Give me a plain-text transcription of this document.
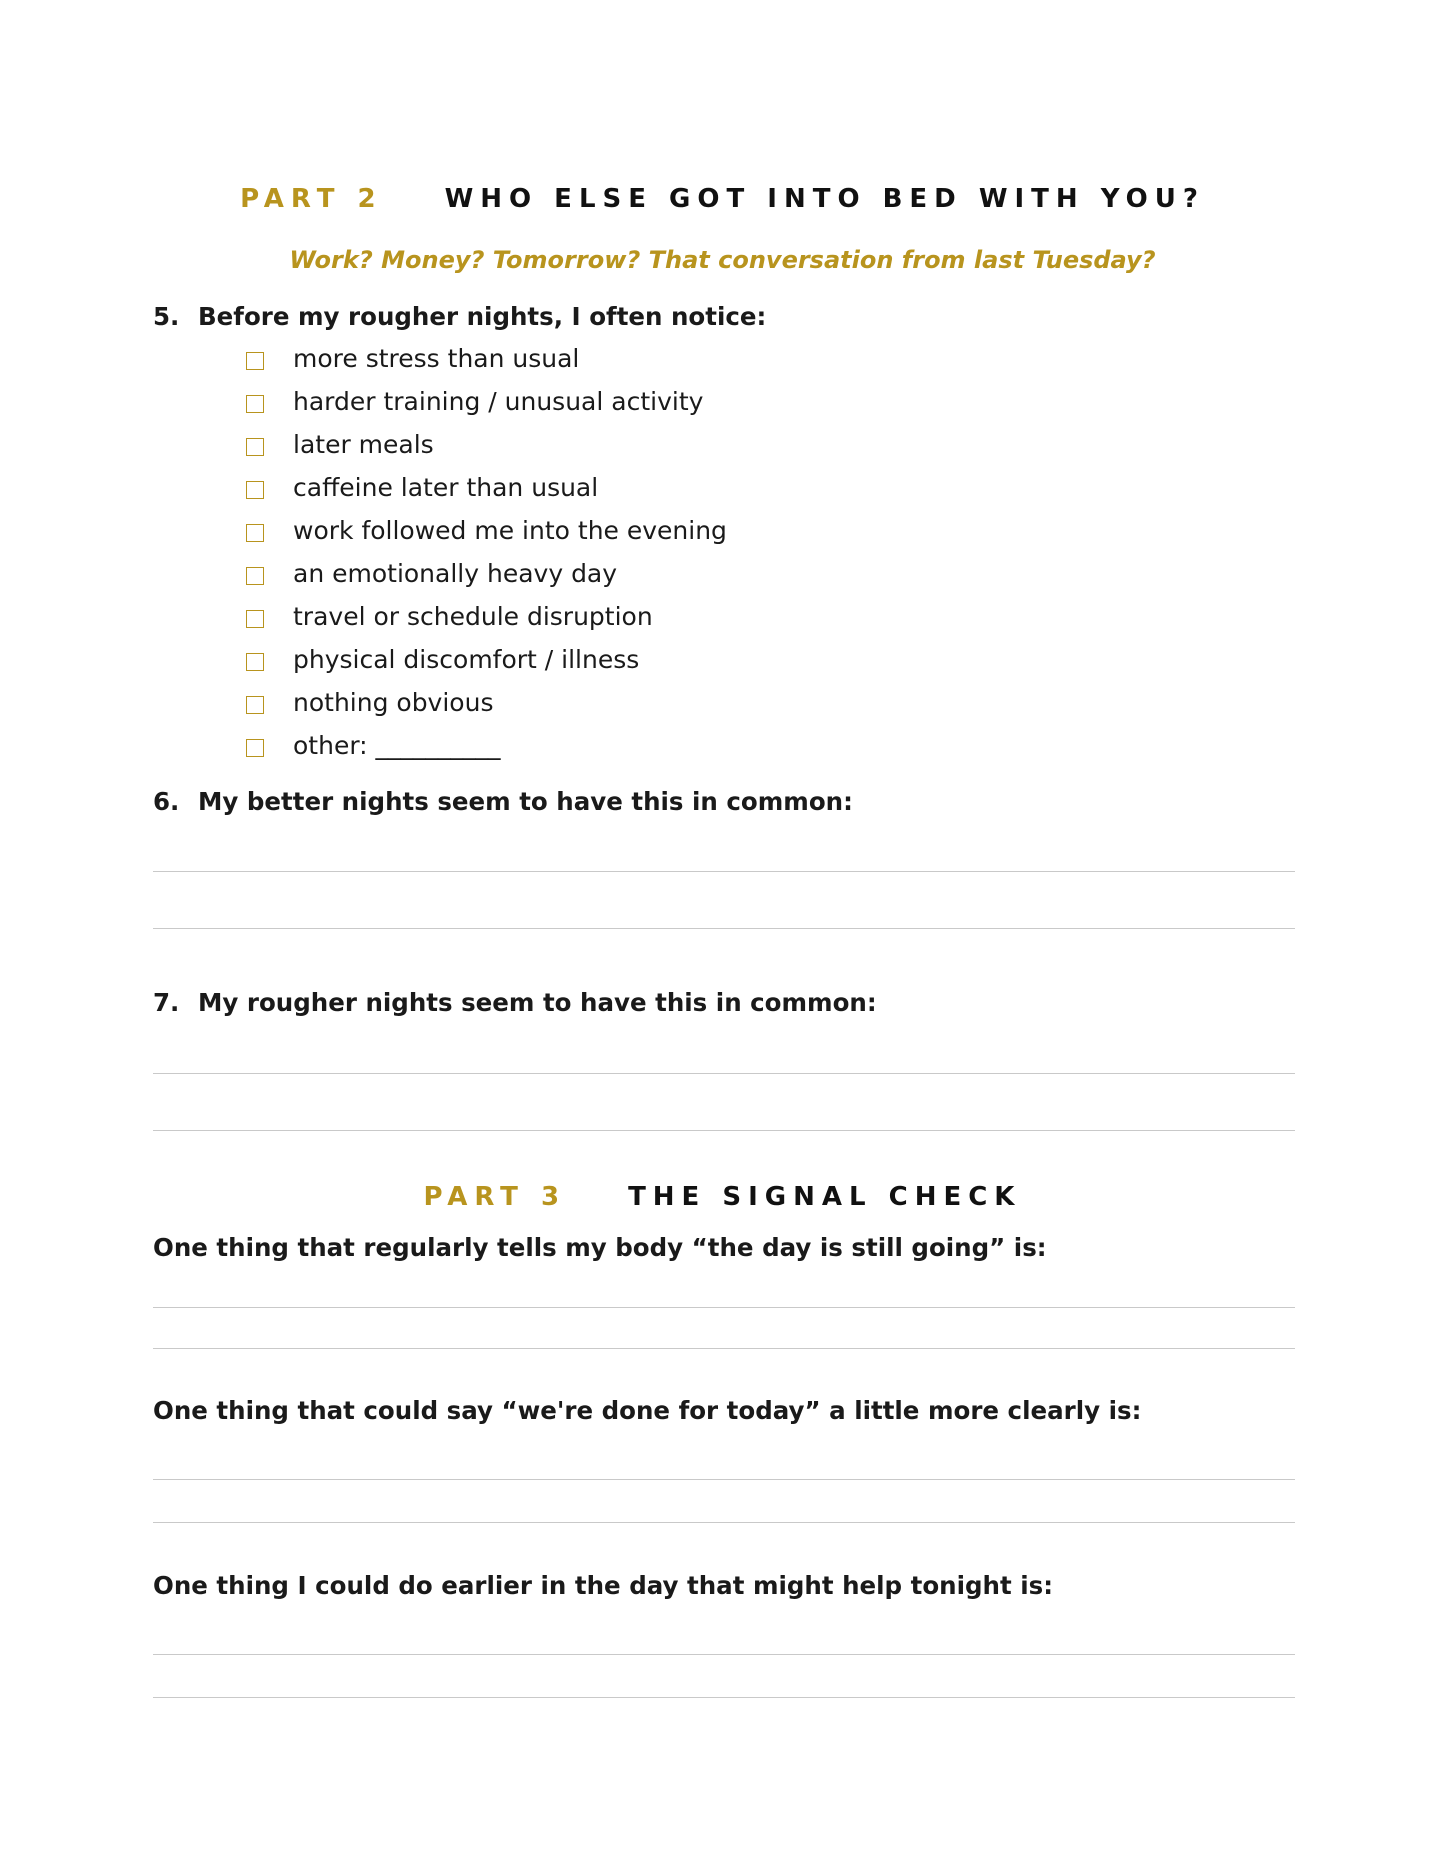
PART 2 WHO ELSE GOT INTO BED WITH YOU?
Work? Money? Tomorrow? That conversation from last Tuesday?
5. Before my rougher nights, I often notice:
more stress than usual
harder training / unusual activity
later meals
caffeine later than usual
work followed me into the evening
an emotionally heavy day
travel or schedule disruption
physical discomfort / illness
nothing obvious
other: __________
6. My better nights seem to have this in common:
7. My rougher nights seem to have this in common:
PART 3 THE SIGNAL CHECK
One thing that regularly tells my body “the day is still going” is:
One thing that could say “we're done for today” a little more clearly is:
One thing I could do earlier in the day that might help tonight is:
